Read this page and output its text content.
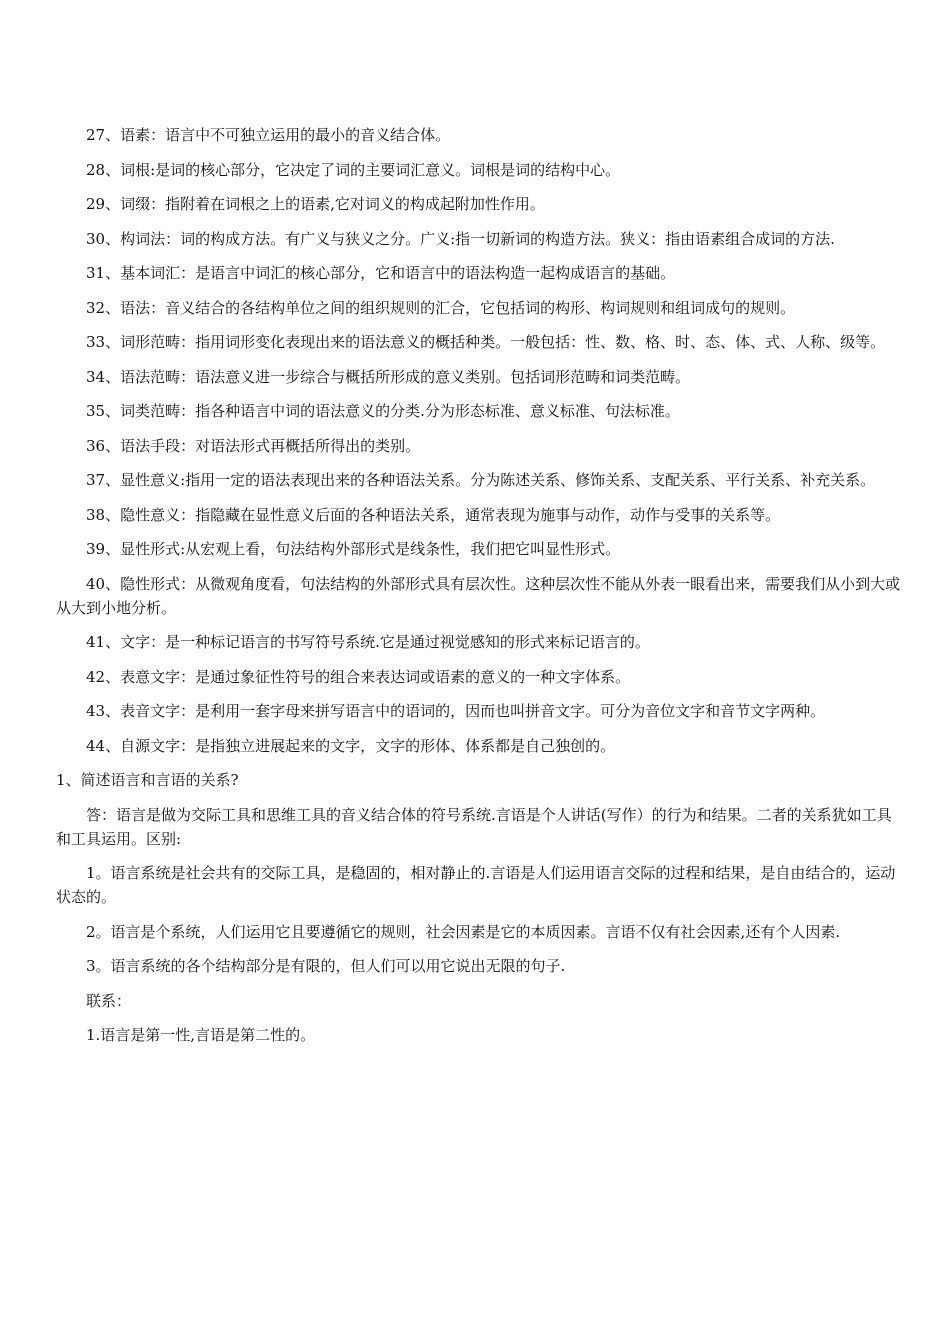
27、语素：语言中不可独立运用的最小的音义结合体。

28、词根:是词的核心部分，它决定了词的主要词汇意义。词根是词的结构中心。

29、词缀：指附着在词根之上的语素,它对词义的构成起附加性作用。

30、构词法：词的构成方法。有广义与狭义之分。广义:指一切新词的构造方法。狭义：指由语素组合成词的方法.

31、基本词汇：是语言中词汇的核心部分，它和语言中的语法构造一起构成语言的基础。

32、语法：音义结合的各结构单位之间的组织规则的汇合，它包括词的构形、构词规则和组词成句的规则。

33、词形范畴：指用词形变化表现出来的语法意义的概括种类。一般包括：性、数、格、时、态、体、式、人称、级等。

34、语法范畴：语法意义进一步综合与概括所形成的意义类别。包括词形范畴和词类范畴。

35、词类范畴：指各种语言中词的语法意义的分类.分为形态标准、意义标准、句法标准。

36、语法手段：对语法形式再概括所得出的类别。

37、显性意义:指用一定的语法表现出来的各种语法关系。分为陈述关系、修饰关系、支配关系、平行关系、补充关系。

38、隐性意义：指隐藏在显性意义后面的各种语法关系，通常表现为施事与动作，动作与受事的关系等。

39、显性形式:从宏观上看，句法结构外部形式是线条性，我们把它叫显性形式。

40、隐性形式：从微观角度看，句法结构的外部形式具有层次性。这种层次性不能从外表一眼看出来，需要我们从小到大或从大到小地分析。

41、文字：是一种标记语言的书写符号系统.它是通过视觉感知的形式来标记语言的。

42、表意文字：是通过象征性符号的组合来表达词或语素的意义的一种文字体系。

43、表音文字：是利用一套字母来拼写语言中的语词的，因而也叫拼音文字。可分为音位文字和音节文字两种。

44、自源文字：是指独立进展起来的文字，文字的形体、体系都是自己独创的。

1、简述语言和言语的关系?

答：语言是做为交际工具和思维工具的音义结合体的符号系统.言语是个人讲话(写作）的行为和结果。二者的关系犹如工具和工具运用。区别:

1。语言系统是社会共有的交际工具，是稳固的，相对静止的.言语是人们运用语言交际的过程和结果，是自由结合的，运动状态的。

2。语言是个系统，人们运用它且要遵循它的规则，社会因素是它的本质因素。言语不仅有社会因素,还有个人因素.

3。语言系统的各个结构部分是有限的，但人们可以用它说出无限的句子.

联系：

1.语言是第一性,言语是第二性的。
